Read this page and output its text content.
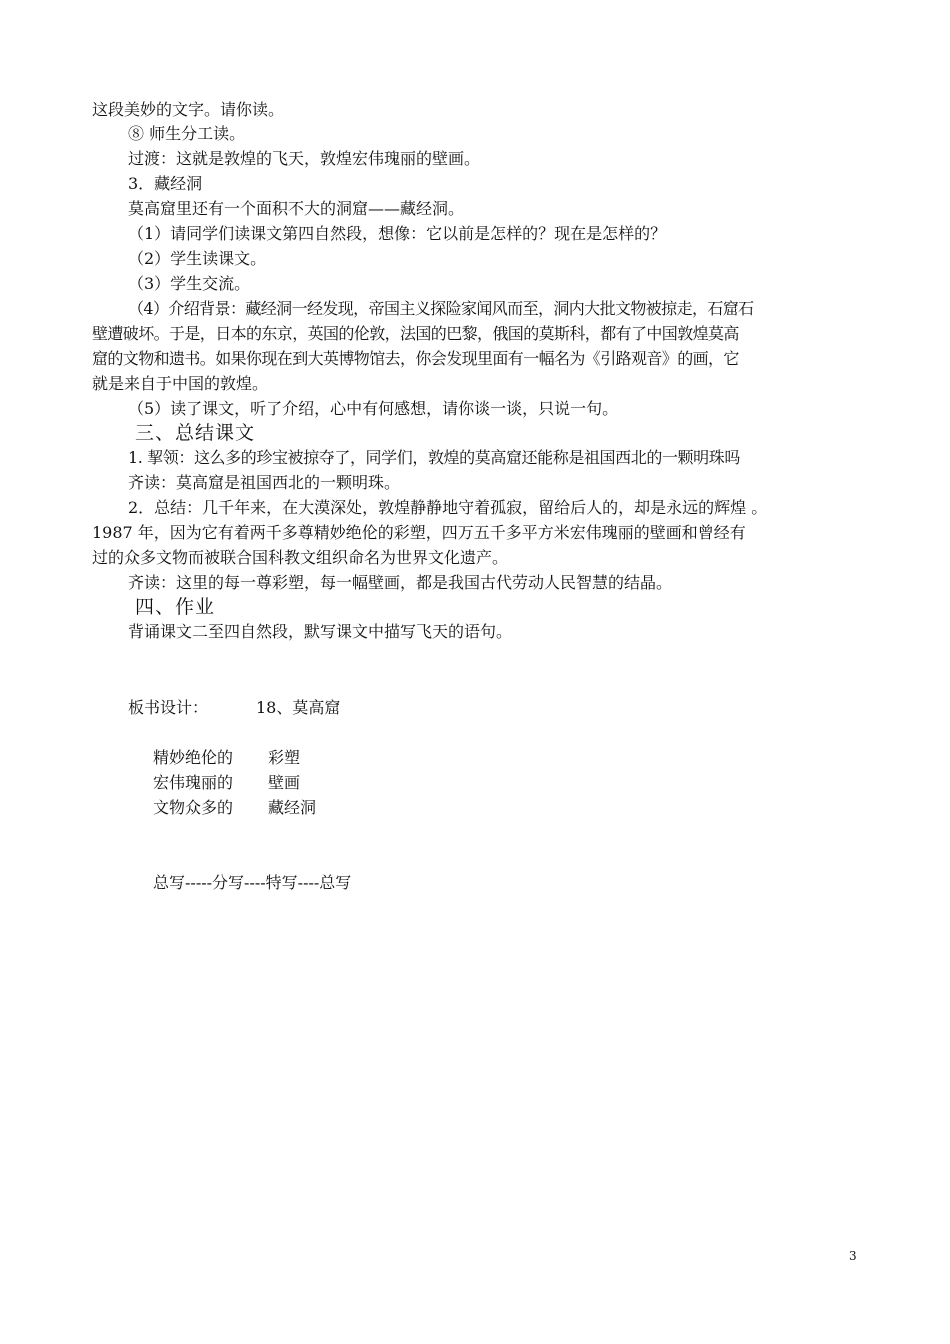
这段美妙的文字。请你读。
⑧ 师生分工读。
过渡：这就是敦煌的飞天，敦煌宏伟瑰丽的壁画。
3．藏经洞
莫高窟里还有一个面积不大的洞窟——藏经洞。
（1）请同学们读课文第四自然段，想像：它以前是怎样的？现在是怎样的？
（2）学生读课文。
（3）学生交流。
（4）介绍背景：藏经洞一经发现，帝国主义探险家闻风而至，洞内大批文物被掠走，石窟石
壁遭破坏。于是，日本的东京，英国的伦敦，法国的巴黎，俄国的莫斯科，都有了中国敦煌莫高
窟的文物和遗书。如果你现在到大英博物馆去，你会发现里面有一幅名为《引路观音》的画，它
就是来自于中国的敦煌。
（5）读了课文，听了介绍，心中有何感想，请你谈一谈，只说一句。
三、总结课文
1. 挈领：这么多的珍宝被掠夺了，同学们，敦煌的莫高窟还能称是祖国西北的一颗明珠吗
齐读：莫高窟是祖国西北的一颗明珠。
2．总结：几千年来，在大漠深处，敦煌静静地守着孤寂，留给后人的，却是永远的辉煌 。
1987 年，因为它有着两千多尊精妙绝伦的彩塑，四万五千多平方米宏伟瑰丽的壁画和曾经有
过的众多文物而被联合国科教文组织命名为世界文化遗产。
齐读：这里的每一尊彩塑，每一幅壁画，都是我国古代劳动人民智慧的结晶。
四、作业
背诵课文二至四自然段，默写课文中描写飞天的语句。
板书设计：	18、莫高窟
精妙绝伦的 彩塑
宏伟瑰丽的 壁画
文物众多的 藏经洞
总写-----分写----特写----总写
3
